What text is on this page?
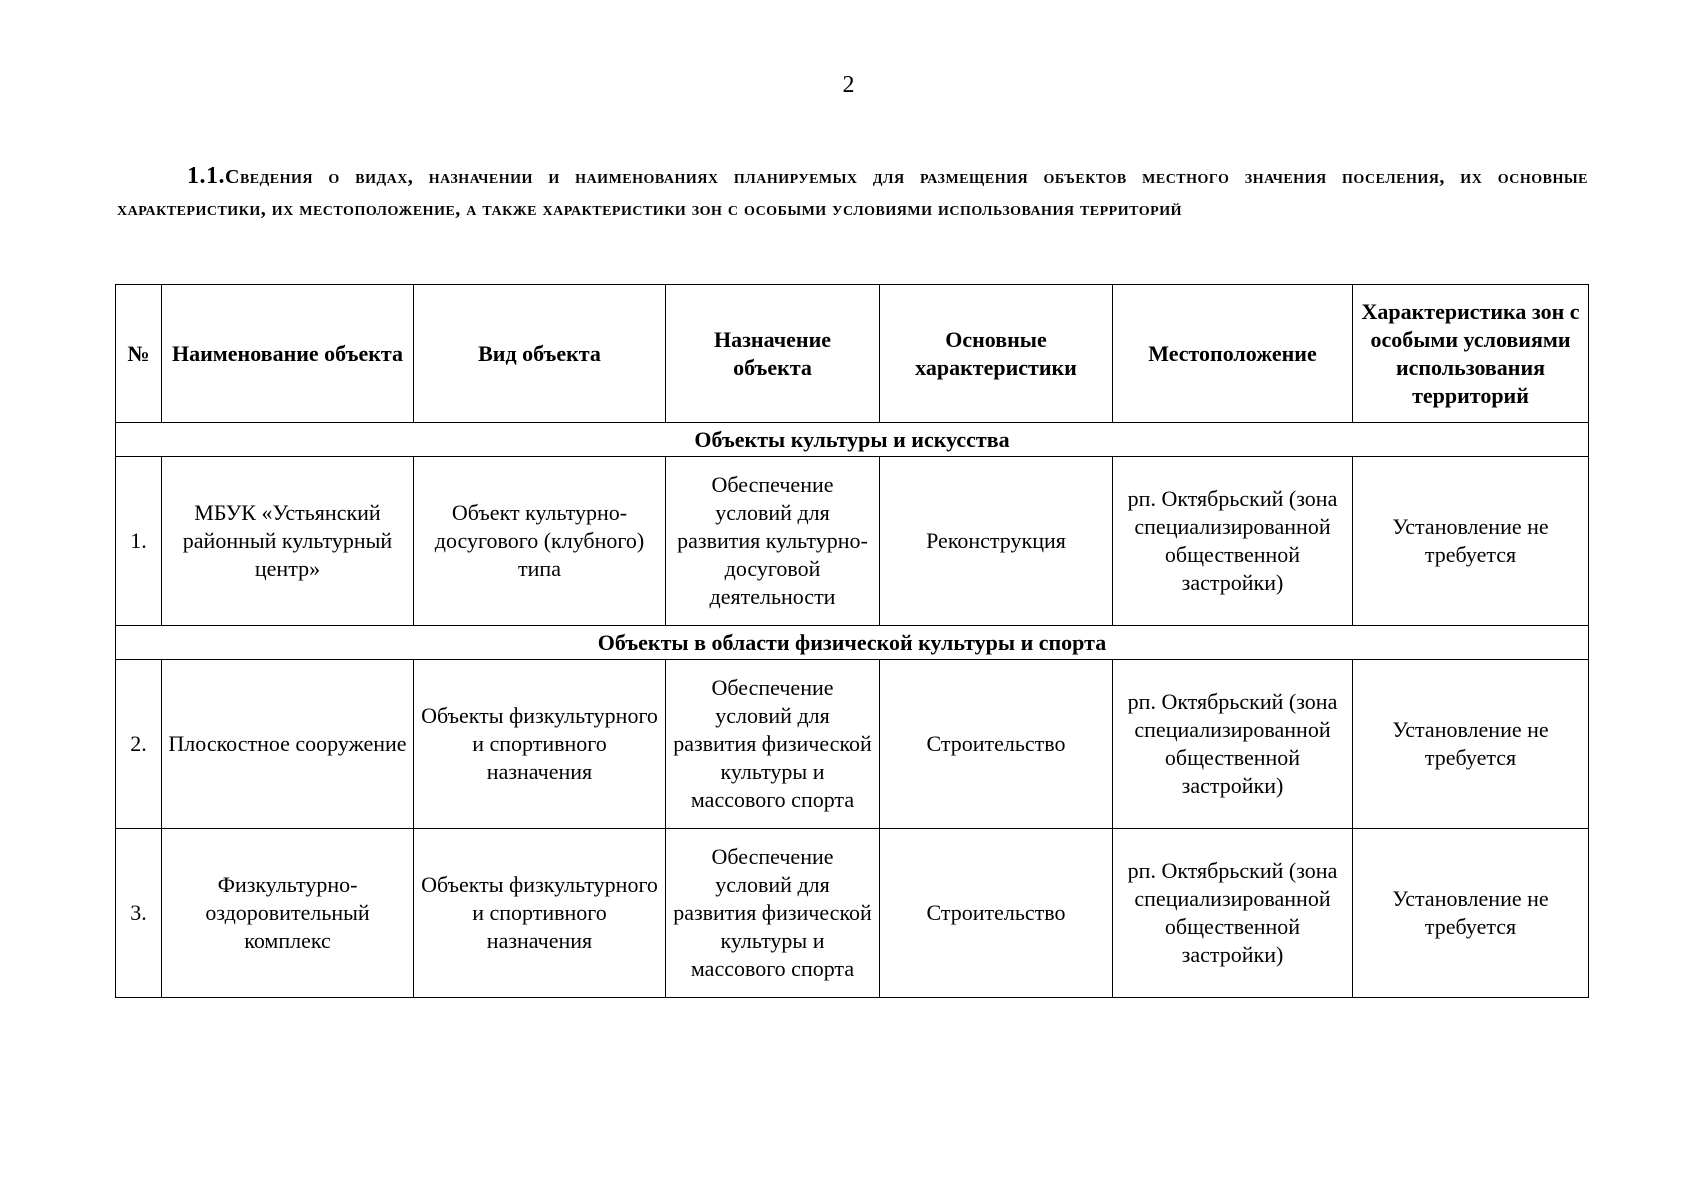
2
1.1.Сведения о видах, назначении и наименованиях планируемых для размещения объектов местного значения поселения, их основные характеристики, их местоположение, а также характеристики зон с особыми условиями использования территорий
№	Наименование объекта	Вид объекта	Назначение объекта	Основные характеристики	Местоположение	Характеристика зон с особыми условиями использования территорий
Объекты культуры и искусства						
1.	МБУК «Устьянский районный культурный центр»	Объект культурно-досугового (клубного) типа	Обеспечение условий для развития культурно-досуговой деятельности	Реконструкция	рп. Октябрьский (зона специализированной общественной застройки)	Установление не требуется
Объекты в области физической культуры и спорта						
2.	Плоскостное сооружение	Объекты физкультурного и спортивного назначения	Обеспечение условий для развития физической культуры и массового спорта	Строительство	рп. Октябрьский (зона специализированной общественной застройки)	Установление не требуется
3.	Физкультурно-оздоровительный комплекс	Объекты физкультурного и спортивного назначения	Обеспечение условий для развития физической культуры и массового спорта	Строительство	рп. Октябрьский (зона специализированной общественной застройки)	Установление не требуется
